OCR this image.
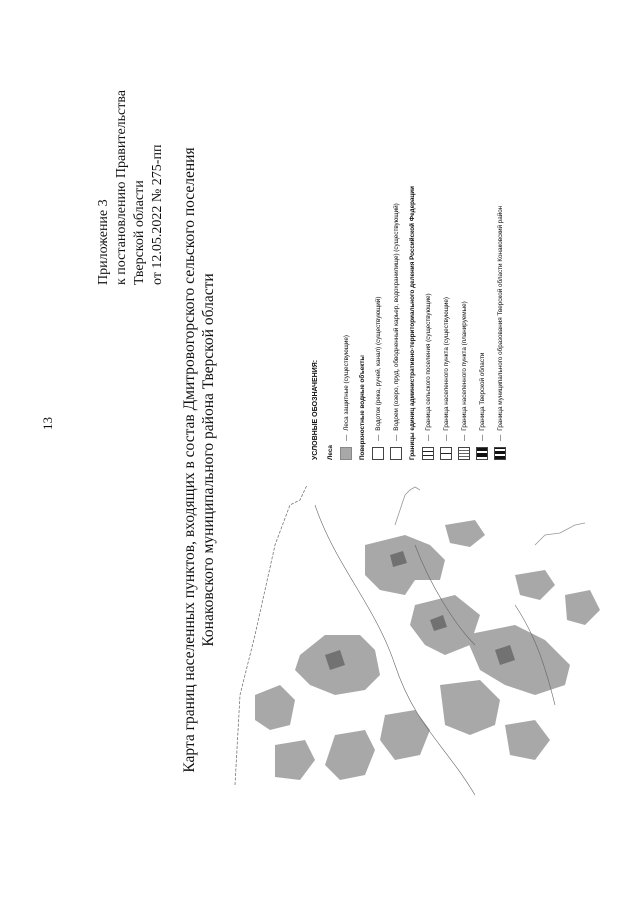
13
Приложение 3 к постановлению Правительства Тверской области от 12.05.2022 № 275-пп Карта границ населенных пунктов, входящих в состав Дмитровогорского сельского поселения Конаковского муниципального района Тверской области	УСЛОВНЫЕ ОБОЗНАЧЕНИЯ: Леса
—
Леса защитные (существующие) Поверхностные водные объекты —
Водоток (река, ручей, канал) (существующий)
—
Водоем (озеро, пруд, обводненный карьер, водохранилище) (существующий) Границы единиц административно-территориального деления Российской Федерации —
Граница сельского поселения (существующие)
—
Граница населенного пункта (существующие)
—
Граница населенного пункта (планируемые)
—
Граница Тверской области
—
Граница муниципального образования Тверской области Конаковский район
